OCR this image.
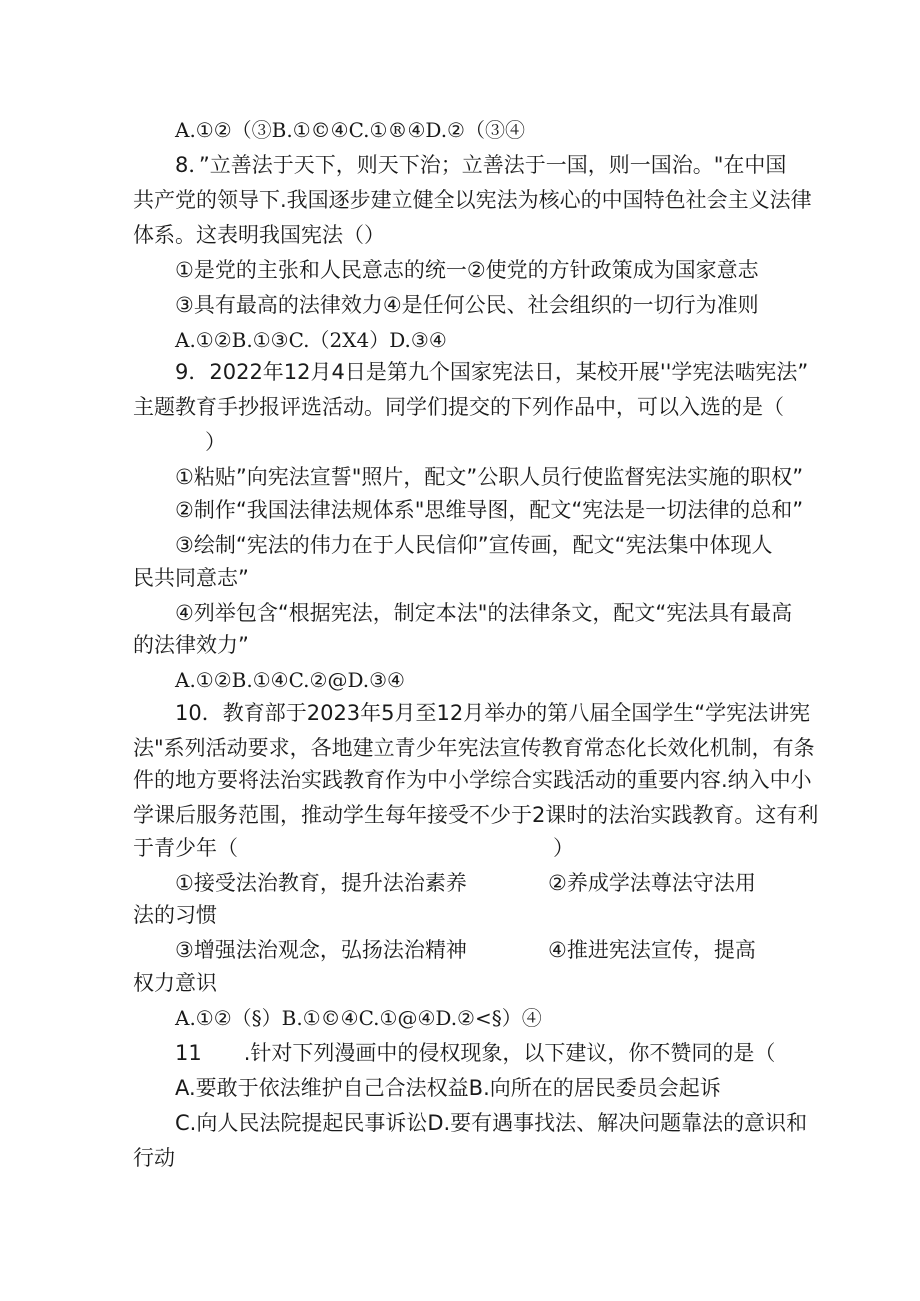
A.①②（③B.①©④C.①®④D.②（③④
8．”立善法于天下，则天下治；立善法于一国，则一国治。"在中国
共产党的领导下.我国逐步建立健全以宪法为核心的中国特色社会主义法律
体系。这表明我国宪法（）
①是党的主张和人民意志的统一②使党的方针政策成为国家意志
③具有最高的法律效力④是任何公民、社会组织的一切行为准则
A.①②B.①③C.（2X4）D.③④
9．2022年12月4日是第九个国家宪法日，某校开展''学宪法啮宪法”
主题教育手抄报评选活动。同学们提交的下列作品中，可以入选的是（
）
①粘贴”向宪法宣誓"照片，配文”公职人员行使监督宪法实施的职权”
②制作“我国法律法规体系"思维导图，配文“宪法是一切法律的总和”
③绘制“宪法的伟力在于人民信仰”宣传画，配文“宪法集中体现人
民共同意志”
④列举包含“根据宪法，制定本法"的法律条文，配文“宪法具有最高
的法律效力”
A.①②B.①④C.②@D.③④
10．教育部于2023年5月至12月举办的第八届全国学生“学宪法讲宪
法"系列活动要求，各地建立青少年宪法宣传教育常态化长效化机制，有条
件的地方要将法治实践教育作为中小学综合实践活动的重要内容.纳入中小
学课后服务范围，推动学生每年接受不少于2课时的法治实践教育。这有利
于青少年（	）
①接受法治教育，提升法治素养	②养成学法尊法守法用
法的习惯
③增强法治观念，弘扬法治精神	④推进宪法宣传，提高
权力意识
A.①②（§）B.①©④C.①@④D.②<§）④
11　　.针对下列漫画中的侵权现象，以下建议，你不赞同的是（
A.要敢于依法维护自己合法权益B.向所在的居民委员会起诉
C.向人民法院提起民事诉讼D.要有遇事找法、解决问题靠法的意识和
行动
